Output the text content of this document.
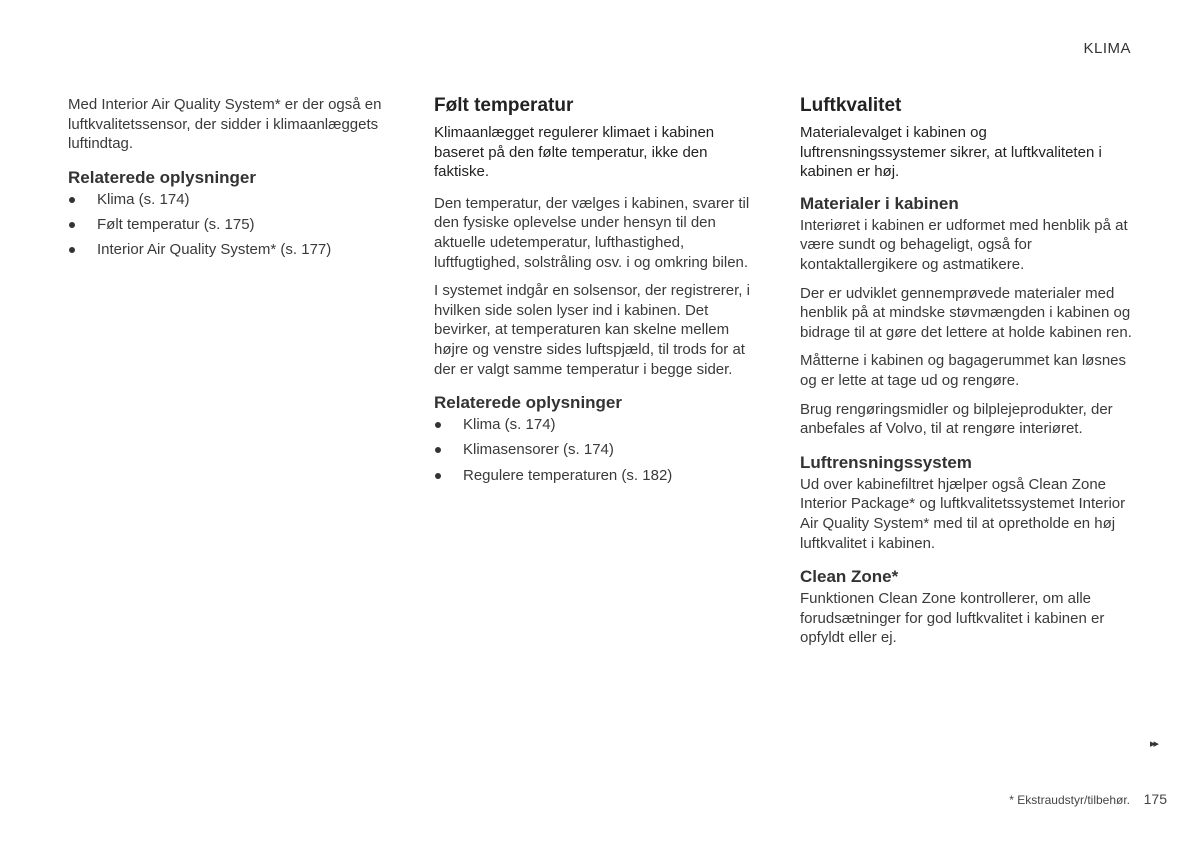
KLIMA

Med Interior Air Quality System* er der også en luftkvalitetssensor, der sidder i klimaanlæggets luftindtag.

Relaterede oplysninger
Klima (s. 174)
Følt temperatur (s. 175)
Interior Air Quality System* (s. 177)
Følt temperatur

Klimaanlægget regulerer klimaet i kabinen baseret på den følte temperatur, ikke den faktiske.

Den temperatur, der vælges i kabinen, svarer til den fysiske oplevelse under hensyn til den aktuelle udetemperatur, lufthastighed, luftfugtighed, solstråling osv. i og omkring bilen.

I systemet indgår en solsensor, der registrerer, i hvilken side solen lyser ind i kabinen. Det bevirker, at temperaturen kan skelne mellem højre og venstre sides luftspjæld, til trods for at der er valgt samme temperatur i begge sider.

Relaterede oplysninger
Klima (s. 174)
Klimasensorer (s. 174)
Regulere temperaturen (s. 182)
Luftkvalitet

Materialevalget i kabinen og luftrensningssystemer sikrer, at luftkvaliteten i kabinen er høj.

Materialer i kabinen

Interiøret i kabinen er udformet med henblik på at være sundt og behageligt, også for kontaktallergikere og astmatikere.

Der er udviklet gennemprøvede materialer med henblik på at mindske støvmængden i kabinen og bidrage til at gøre det lettere at holde kabinen ren.

Måtterne i kabinen og bagagerummet kan løsnes og er lette at tage ud og rengøre.

Brug rengøringsmidler og bilplejeprodukter, der anbefales af Volvo, til at rengøre interiøret.

Luftrensningssystem

Ud over kabinefiltret hjælper også Clean Zone Interior Package* og luftkvalitetssystemet Interior Air Quality System* med til at opretholde en høj luftkvalitet i kabinen.

Clean Zone*

Funktionen Clean Zone kontrollerer, om alle forudsætninger for god luftkvalitet i kabinen er opfyldt eller ej.

▸▸
* Ekstraudstyr/tilbehør. 175
